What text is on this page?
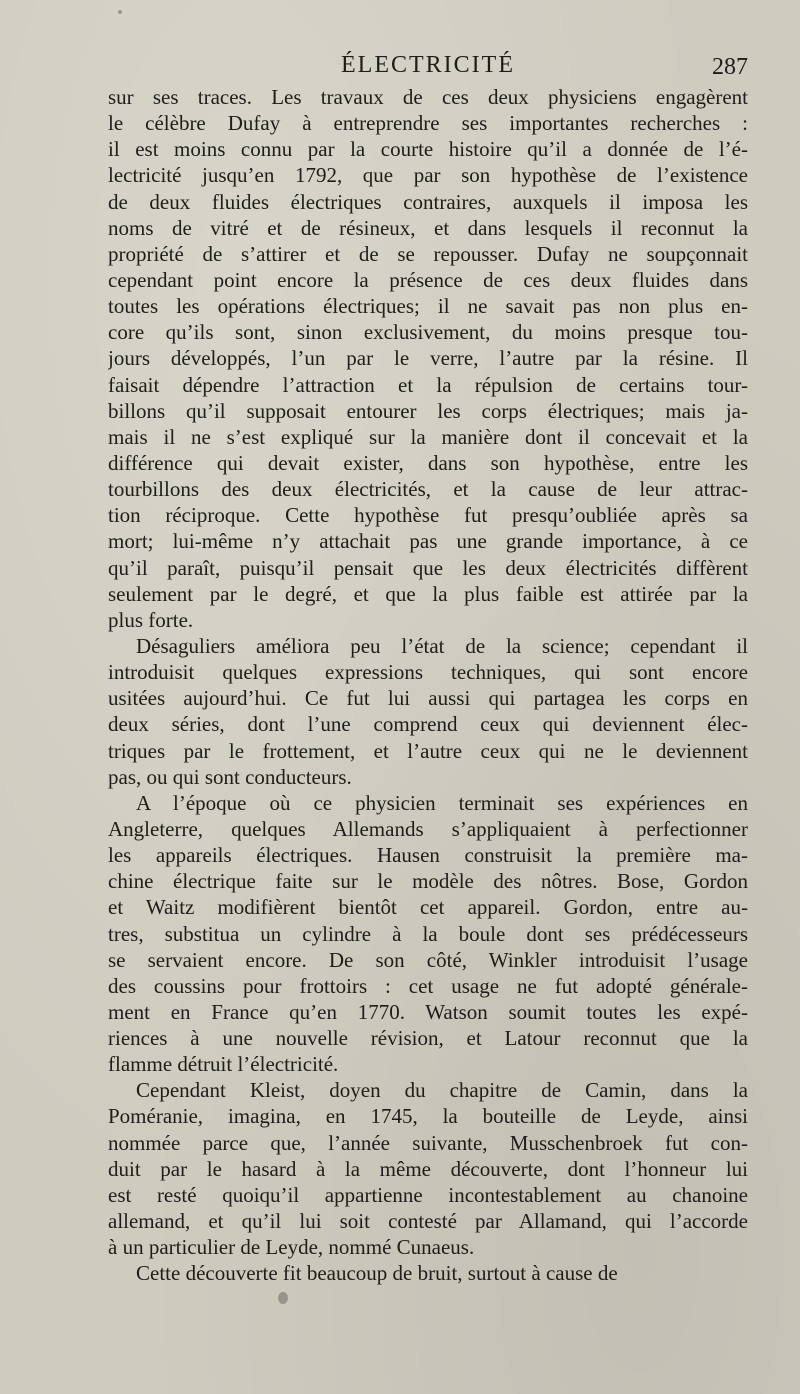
ÉLECTRICITÉ	287
sur ses traces. Les travaux de ces deux physiciens engagèrent
le célèbre Dufay à entreprendre ses importantes recherches :
il est moins connu par la courte histoire qu’il a donnée de l’é-
lectricité jusqu’en 1792, que par son hypothèse de l’existence
de deux fluides électriques contraires, auxquels il imposa les
noms de vitré et de résineux, et dans lesquels il reconnut la
propriété de s’attirer et de se repousser. Dufay ne soupçonnait
cependant point encore la présence de ces deux fluides dans
toutes les opérations électriques; il ne savait pas non plus en-
core qu’ils sont, sinon exclusivement, du moins presque tou-
jours développés, l’un par le verre, l’autre par la résine. Il
faisait dépendre l’attraction et la répulsion de certains tour-
billons qu’il supposait entourer les corps électriques; mais ja-
mais il ne s’est expliqué sur la manière dont il concevait et la
différence qui devait exister, dans son hypothèse, entre les
tourbillons des deux électricités, et la cause de leur attrac-
tion réciproque. Cette hypothèse fut presqu’oubliée après sa
mort; lui-même n’y attachait pas une grande importance, à ce
qu’il paraît, puisqu’il pensait que les deux électricités diffèrent
seulement par le degré, et que la plus faible est attirée par la
plus forte.
Désaguliers améliora peu l’état de la science; cependant il
introduisit quelques expressions techniques, qui sont encore
usitées aujourd’hui. Ce fut lui aussi qui partagea les corps en
deux séries, dont l’une comprend ceux qui deviennent élec-
triques par le frottement, et l’autre ceux qui ne le deviennent
pas, ou qui sont conducteurs.
A l’époque où ce physicien terminait ses expériences en
Angleterre, quelques Allemands s’appliquaient à perfectionner
les appareils électriques. Hausen construisit la première ma-
chine électrique faite sur le modèle des nôtres. Bose, Gordon
et Waitz modifièrent bientôt cet appareil. Gordon, entre au-
tres, substitua un cylindre à la boule dont ses prédécesseurs
se servaient encore. De son côté, Winkler introduisit l’usage
des coussins pour frottoirs : cet usage ne fut adopté générale-
ment en France qu’en 1770. Watson soumit toutes les expé-
riences à une nouvelle révision, et Latour reconnut que la
flamme détruit l’électricité.
Cependant Kleist, doyen du chapitre de Camin, dans la
Poméranie, imagina, en 1745, la bouteille de Leyde, ainsi
nommée parce que, l’année suivante, Musschenbroek fut con-
duit par le hasard à la même découverte, dont l’honneur lui
est resté quoiqu’il appartienne incontestablement au chanoine
allemand, et qu’il lui soit contesté par Allamand, qui l’accorde
à un particulier de Leyde, nommé Cunaeus.
Cette découverte fit beaucoup de bruit, surtout à cause de
